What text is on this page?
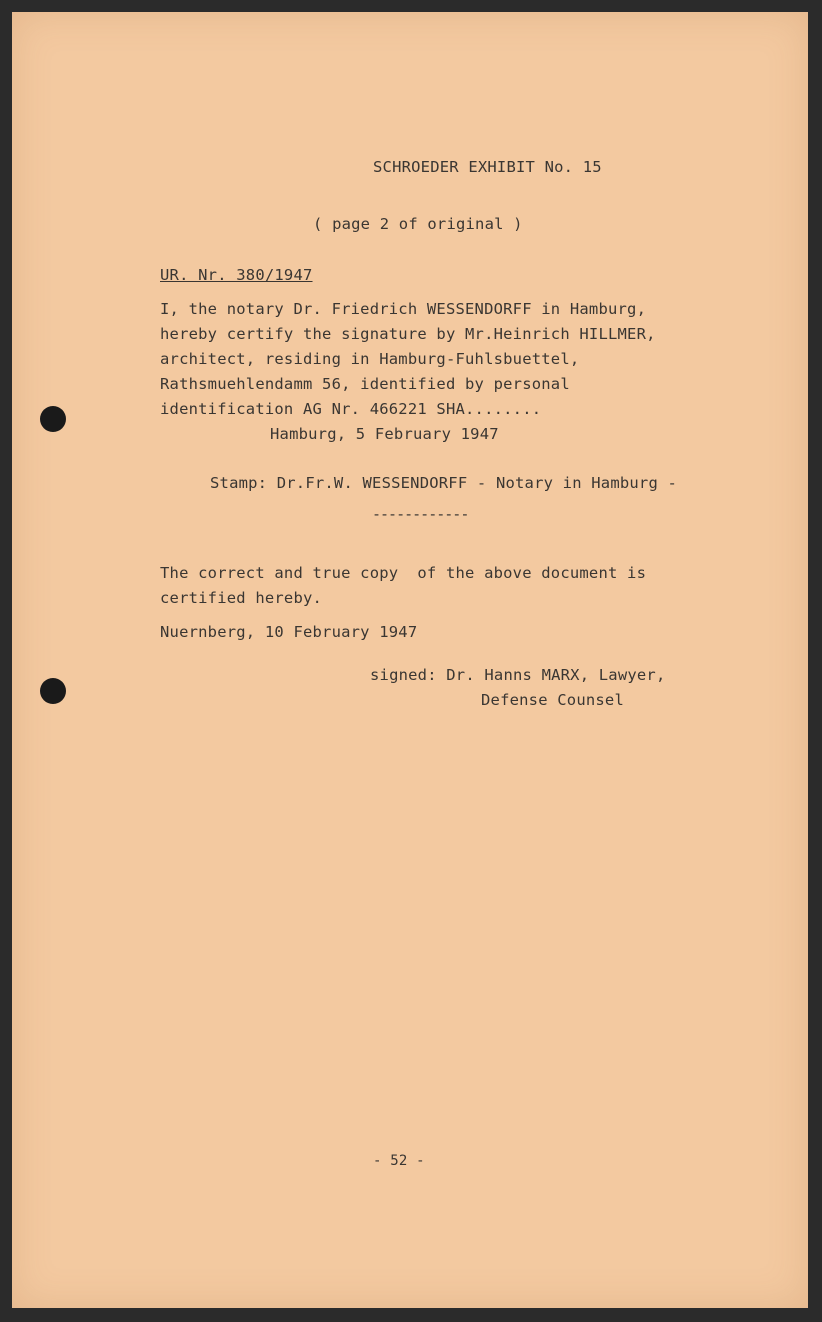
SCHROEDER EXHIBIT No. 15
( page 2 of original )
UR. Nr. 380/1947
I, the notary Dr. Friedrich WESSENDORFF in Hamburg,
hereby certify the signature by Mr.Heinrich HILLMER,
architect, residing in Hamburg-Fuhlsbuettel,
Rathsmuehlendamm 56, identified by personal
identification AG Nr. 466221 SHA........
Hamburg, 5 February 1947
Stamp: Dr.Fr.W. WESSENDORFF - Notary in Hamburg -
------------
The correct and true copy  of the above document is
certified hereby.
Nuernberg, 10 February 1947
signed: Dr. Hanns MARX, Lawyer,
Defense Counsel
- 52 -
